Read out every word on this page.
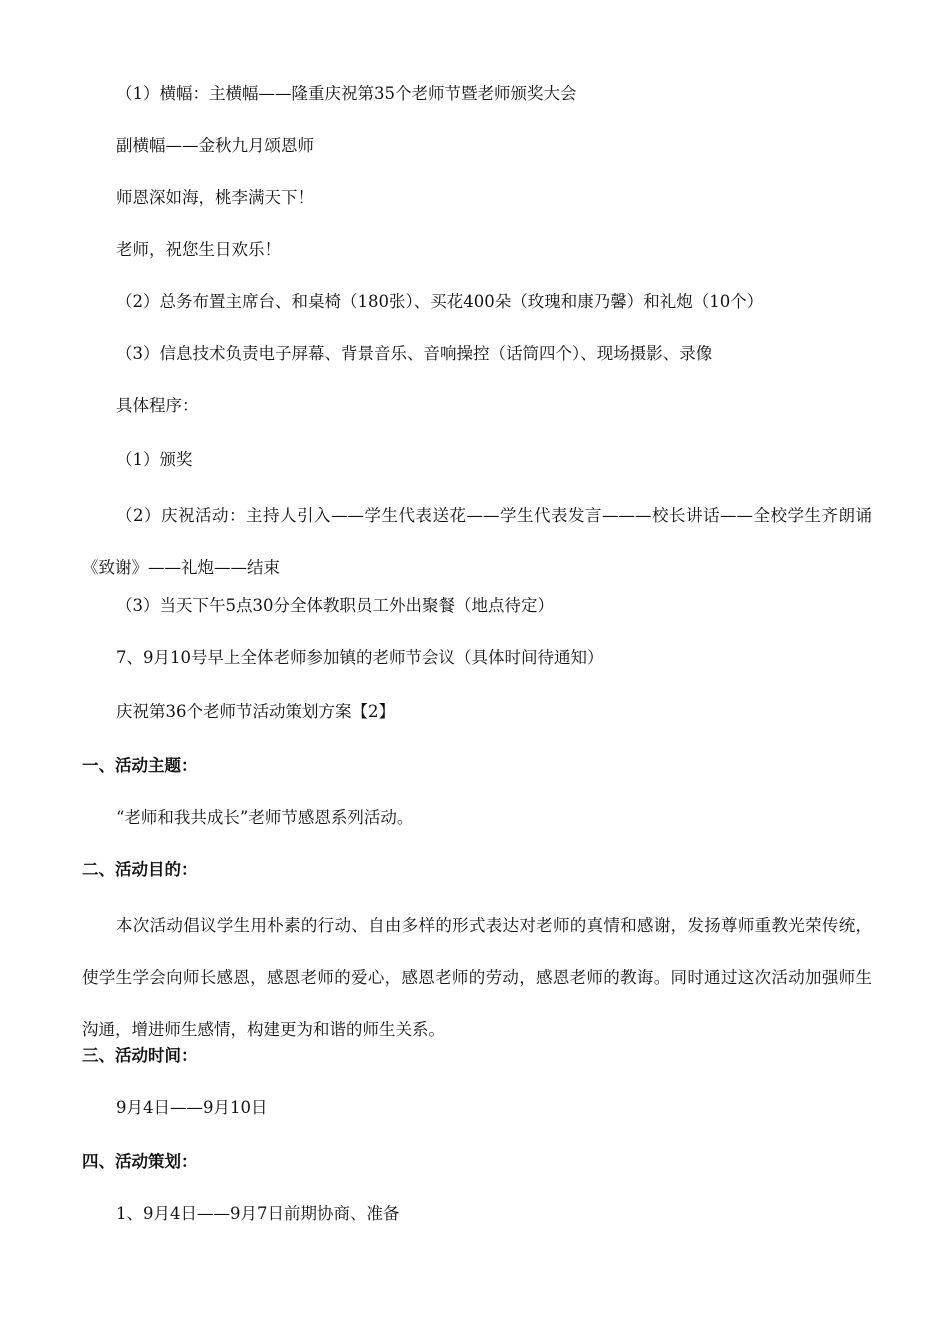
（1）横幅：主横幅——隆重庆祝第35个老师节暨老师颁奖大会
副横幅——金秋九月颂恩师
师恩深如海，桃李满天下！
老师，祝您生日欢乐！
（2）总务布置主席台、和桌椅（180张）、买花400朵（玫瑰和康乃馨）和礼炮（10个）
（3）信息技术负责电子屏幕、背景音乐、音响操控（话筒四个）、现场摄影、录像
具体程序：
（1）颁奖
（2）庆祝活动：主持人引入——学生代表送花——学生代表发言———校长讲话——全校学生齐朗诵《致谢》——礼炮——结束
（3）当天下午5点30分全体教职员工外出聚餐（地点待定）
7、9月10号早上全体老师参加镇的老师节会议（具体时间待通知）
庆祝第36个老师节活动策划方案【2】
一、活动主题：
“老师和我共成长”老师节感恩系列活动。
二、活动目的：
本次活动倡议学生用朴素的行动、自由多样的形式表达对老师的真情和感谢，发扬尊师重教光荣传统，使学生学会向师长感恩，感恩老师的爱心，感恩老师的劳动，感恩老师的教诲。同时通过这次活动加强师生沟通，增进师生感情，构建更为和谐的师生关系。
三、活动时间：
9月4日——9月10日
四、活动策划：
1、9月4日——9月7日前期协商、准备
